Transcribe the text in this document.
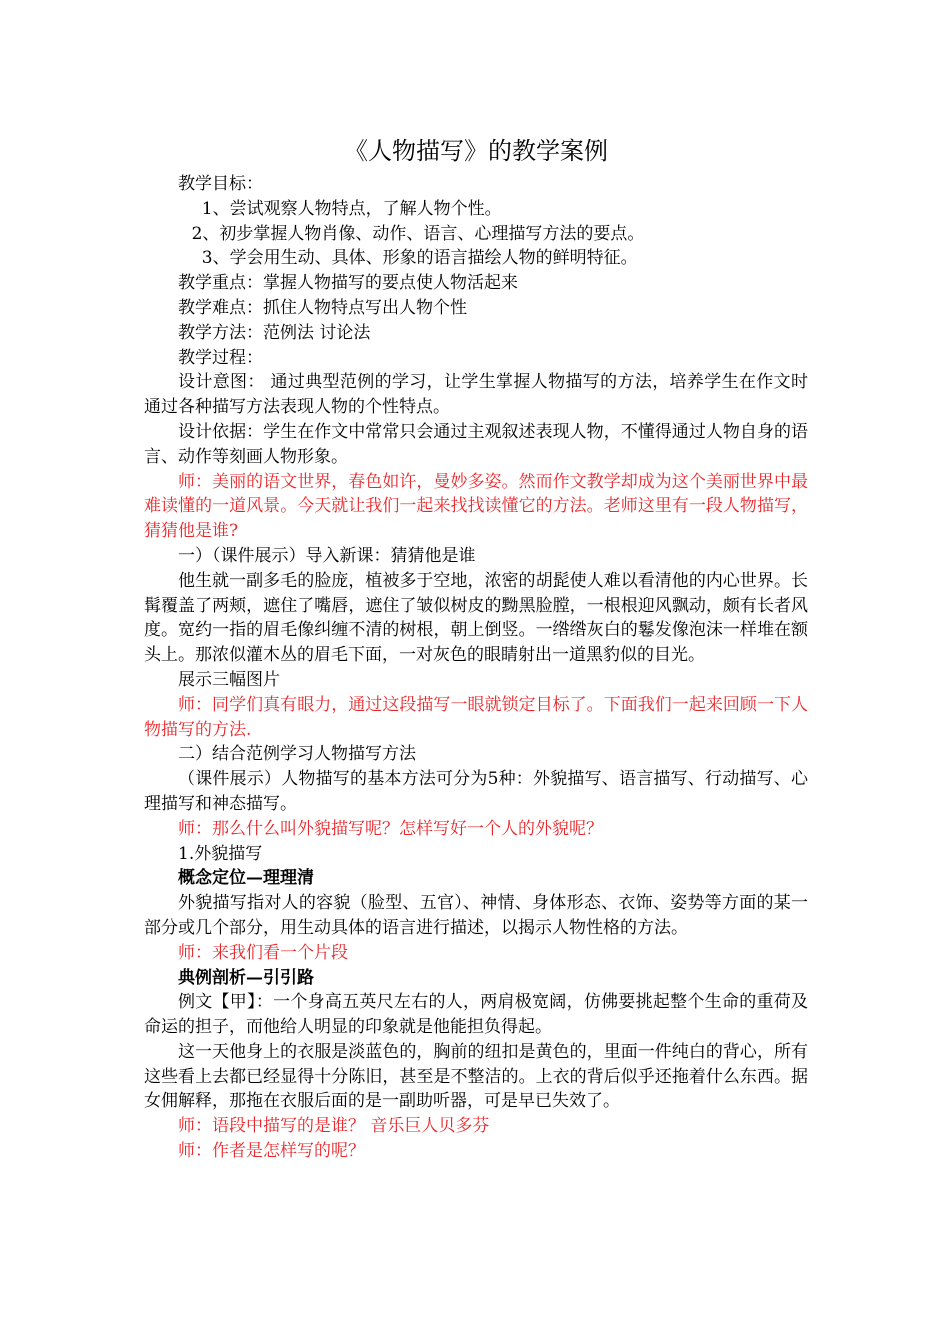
《人物描写》的教学案例

教学目标：

1、尝试观察人物特点，了解人物个性。

2、初步掌握人物肖像、动作、语言、心理描写方法的要点。

3、学会用生动、具体、形象的语言描绘人物的鲜明特征。

教学重点：掌握人物描写的要点使人物活起来

教学难点：抓住人物特点写出人物个性

教学方法：范例法 讨论法

教学过程：

设计意图： 通过典型范例的学习，让学生掌握人物描写的方法，培养学生在作文时通过各种描写方法表现人物的个性特点。

设计依据：学生在作文中常常只会通过主观叙述表现人物，不懂得通过人物自身的语言、动作等刻画人物形象。

师：美丽的语文世界，春色如许，曼妙多姿。然而作文教学却成为这个美丽世界中最难读懂的一道风景。今天就让我们一起来找找读懂它的方法。老师这里有一段人物描写，猜猜他是谁?

一）（课件展示）导入新课：猜猜他是谁

他生就一副多毛的脸庞，植被多于空地，浓密的胡髭使人难以看清他的内心世界。长髯覆盖了两颊，遮住了嘴唇，遮住了皱似树皮的黝黑脸膛，一根根迎风飘动，颇有长者风度。宽约一指的眉毛像纠缠不清的树根，朝上倒竖。一绺绺灰白的鬈发像泡沫一样堆在额头上。那浓似灌木丛的眉毛下面，一对灰色的眼睛射出一道黑豹似的目光。

展示三幅图片

师：同学们真有眼力，通过这段描写一眼就锁定目标了。下面我们一起来回顾一下人物描写的方法.

二）结合范例学习人物描写方法

（课件展示）人物描写的基本方法可分为5种：外貌描写、语言描写、行动描写、心理描写和神态描写。

师：那么什么叫外貌描写呢？怎样写好一个人的外貌呢？

1.外貌描写

概念定位—理理清

外貌描写指对人的容貌（脸型、五官）、神情、身体形态、衣饰、姿势等方面的某一部分或几个部分，用生动具体的语言进行描述，以揭示人物性格的方法。

师：来我们看一个片段

典例剖析—引引路

例文【甲】：一个身高五英尺左右的人，两肩极宽阔，仿佛要挑起整个生命的重荷及命运的担子，而他给人明显的印象就是他能担负得起。

这一天他身上的衣服是淡蓝色的，胸前的纽扣是黄色的，里面一件纯白的背心，所有这些看上去都已经显得十分陈旧，甚至是不整洁的。上衣的背后似乎还拖着什么东西。据女佣解释，那拖在衣服后面的是一副助听器，可是早已失效了。

师：语段中描写的是谁？ 音乐巨人贝多芬

师：作者是怎样写的呢？
